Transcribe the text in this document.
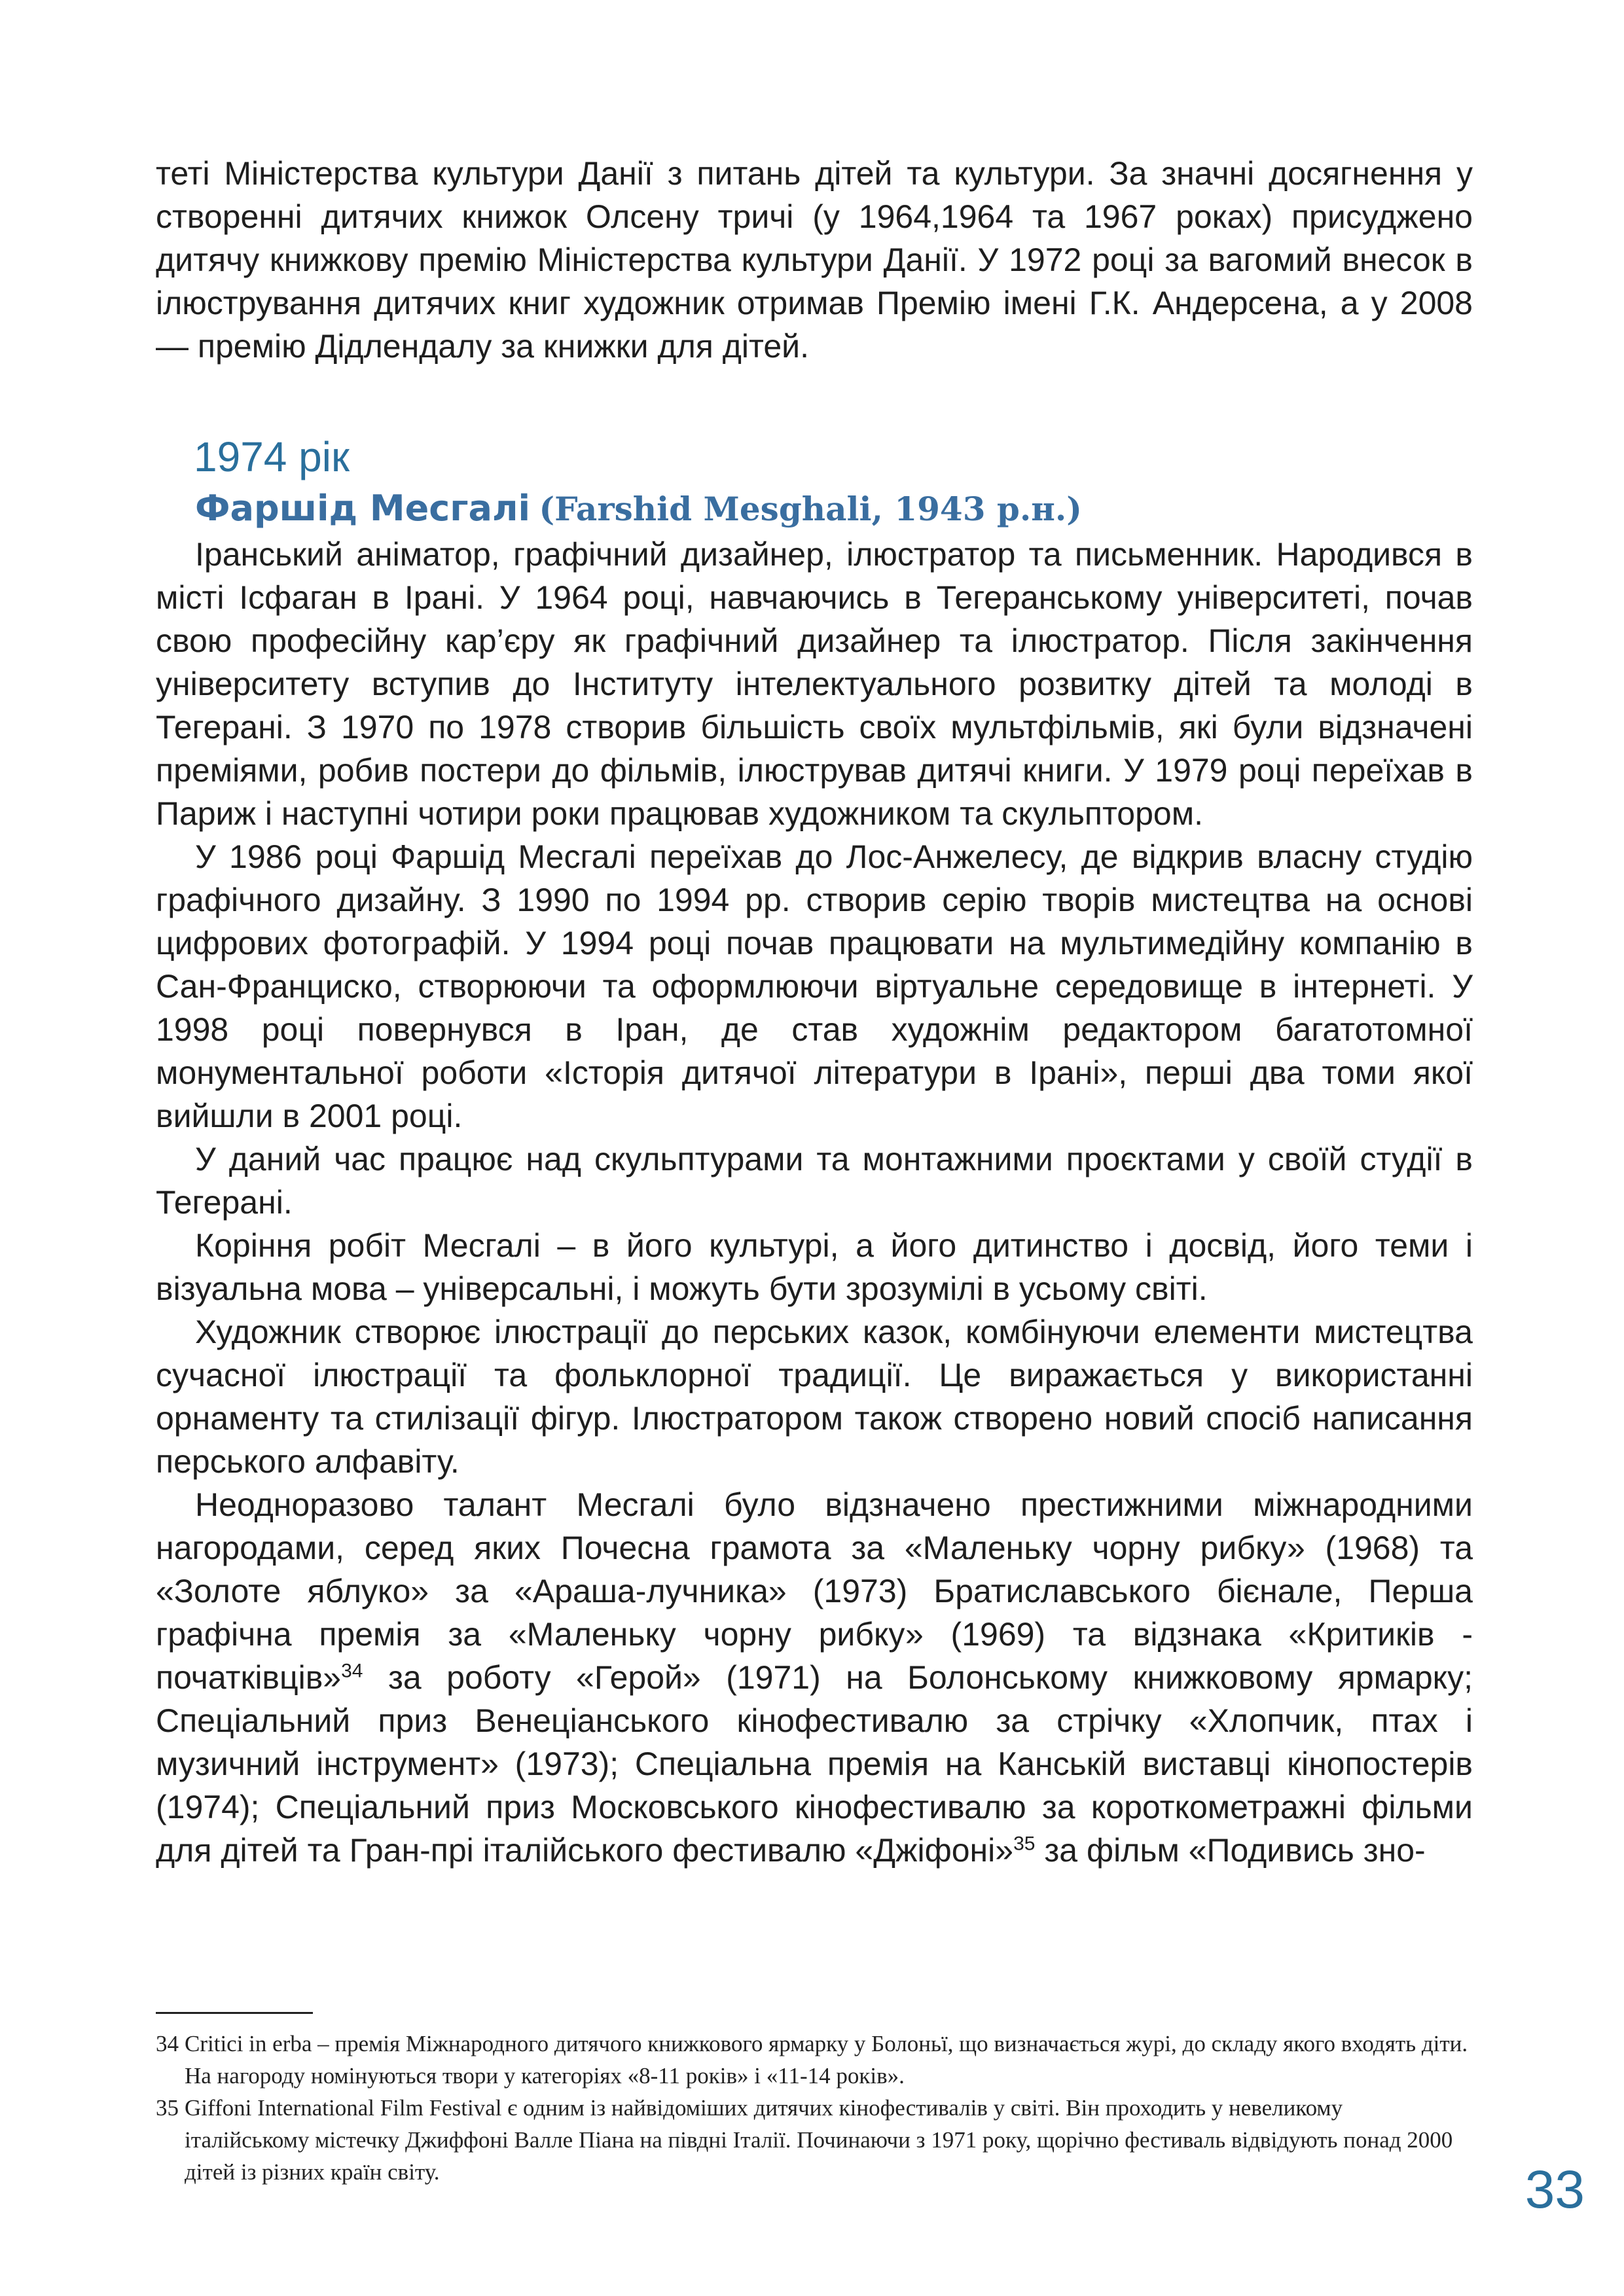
теті Міністерства культури Данії з питань дітей та культури. За значні досягнення у створенні дитячих книжок Олсену тричі (у 1964,1964 та 1967 роках) присуджено дитячу книжкову премію Міністерства культури Данії. У 1972 році за вагомий внесок в ілюстрування дитячих книг художник отримав Премію імені Г.К. Андерсена, а у 2008 — премію Дідлендалу за книжки для дітей.

1974 рік
Фаршід Месгалі (Farshid Mesghali, 1943 р.н.)

Іранський аніматор, графічний дизайнер, ілюстратор та письменник. Народився в місті Ісфаган в Ірані. У 1964 році, навчаючись в Тегеранському університеті, почав свою професійну кар’єру як графічний дизайнер та ілюстратор. Після закінчення університету вступив до Інституту інтелектуального розвитку дітей та молоді в Тегерані. З 1970 по 1978 створив більшість своїх мультфільмів, які були відзначені преміями, робив постери до фільмів, ілюстрував дитячі книги. У 1979 році переїхав в Париж і наступні чотири роки працював художником та скульптором.

У 1986 році Фаршід Месгалі переїхав до Лос-Анжелесу, де відкрив власну студію графічного дизайну. З 1990 по 1994 рр. створив серію творів мистецтва на основі цифрових фотографій. У 1994 році почав працювати на мультимедійну компанію в Сан-Франциско, створюючи та оформлюючи віртуальне середовище в інтернеті. У 1998 році повернувся в Іран, де став художнім редактором багатотомної монументальної роботи «Історія дитячої літератури в Ірані», перші два томи якої вийшли в 2001 році.

У даний час працює над скульптурами та монтажними проєктами у своїй студії в Тегерані.

Коріння робіт Месгалі – в його культурі, а його дитинство і досвід, його теми і візуальна мова – універсальні, і можуть бути зрозумілі в усьому світі.

Художник створює ілюстрації до перських казок, комбінуючи елементи мистецтва сучасної ілюстрації та фольклорної традиції. Це виражається у використанні орнаменту та стилізації фігур. Ілюстратором також створено новий спосіб написання перського алфавіту.

Неодноразово талант Месгалі було відзначено престижними міжнародними нагородами, серед яких Почесна грамота за «Маленьку чорну рибку» (1968) та «Золоте яблуко» за «Араша-лучника» (1973) Братиславського бієнале, Перша графічна премія за «Маленьку чорну рибку» (1969) та відзнака «Критиків - початківців»$^{34}$ за роботу «Герой» (1971) на Болонському книжковому ярмарку; Спеціальний приз Венеціанського кінофестивалю за стрічку «Хлопчик, птах і музичний інструмент» (1973); Спеціальна премія на Канській виставці кінопостерів (1974); Спеціальний приз Московського кінофестивалю за короткометражні фільми для дітей та Гран-прі італійського фестивалю «Джіфоні»$^{35}$ за фільм «Подивись зно-

34 Critici in erba – премія Міжнародного дитячого книжкового ярмарку у Болоньї, що визначається журі, до складу якого входять діти. На нагороду номінуються твори у категоріях «8-11 років» і «11-14 років».
35 Giffoni International Film Festival є одним із найвідоміших дитячих кінофестивалів у світі. Він проходить у невеликому італійському містечку Джиффоні Валле Піана на півдні Італії. Починаючи з 1971 року, щорічно фестиваль відвідують понад 2000 дітей із різних країн світу.	33
